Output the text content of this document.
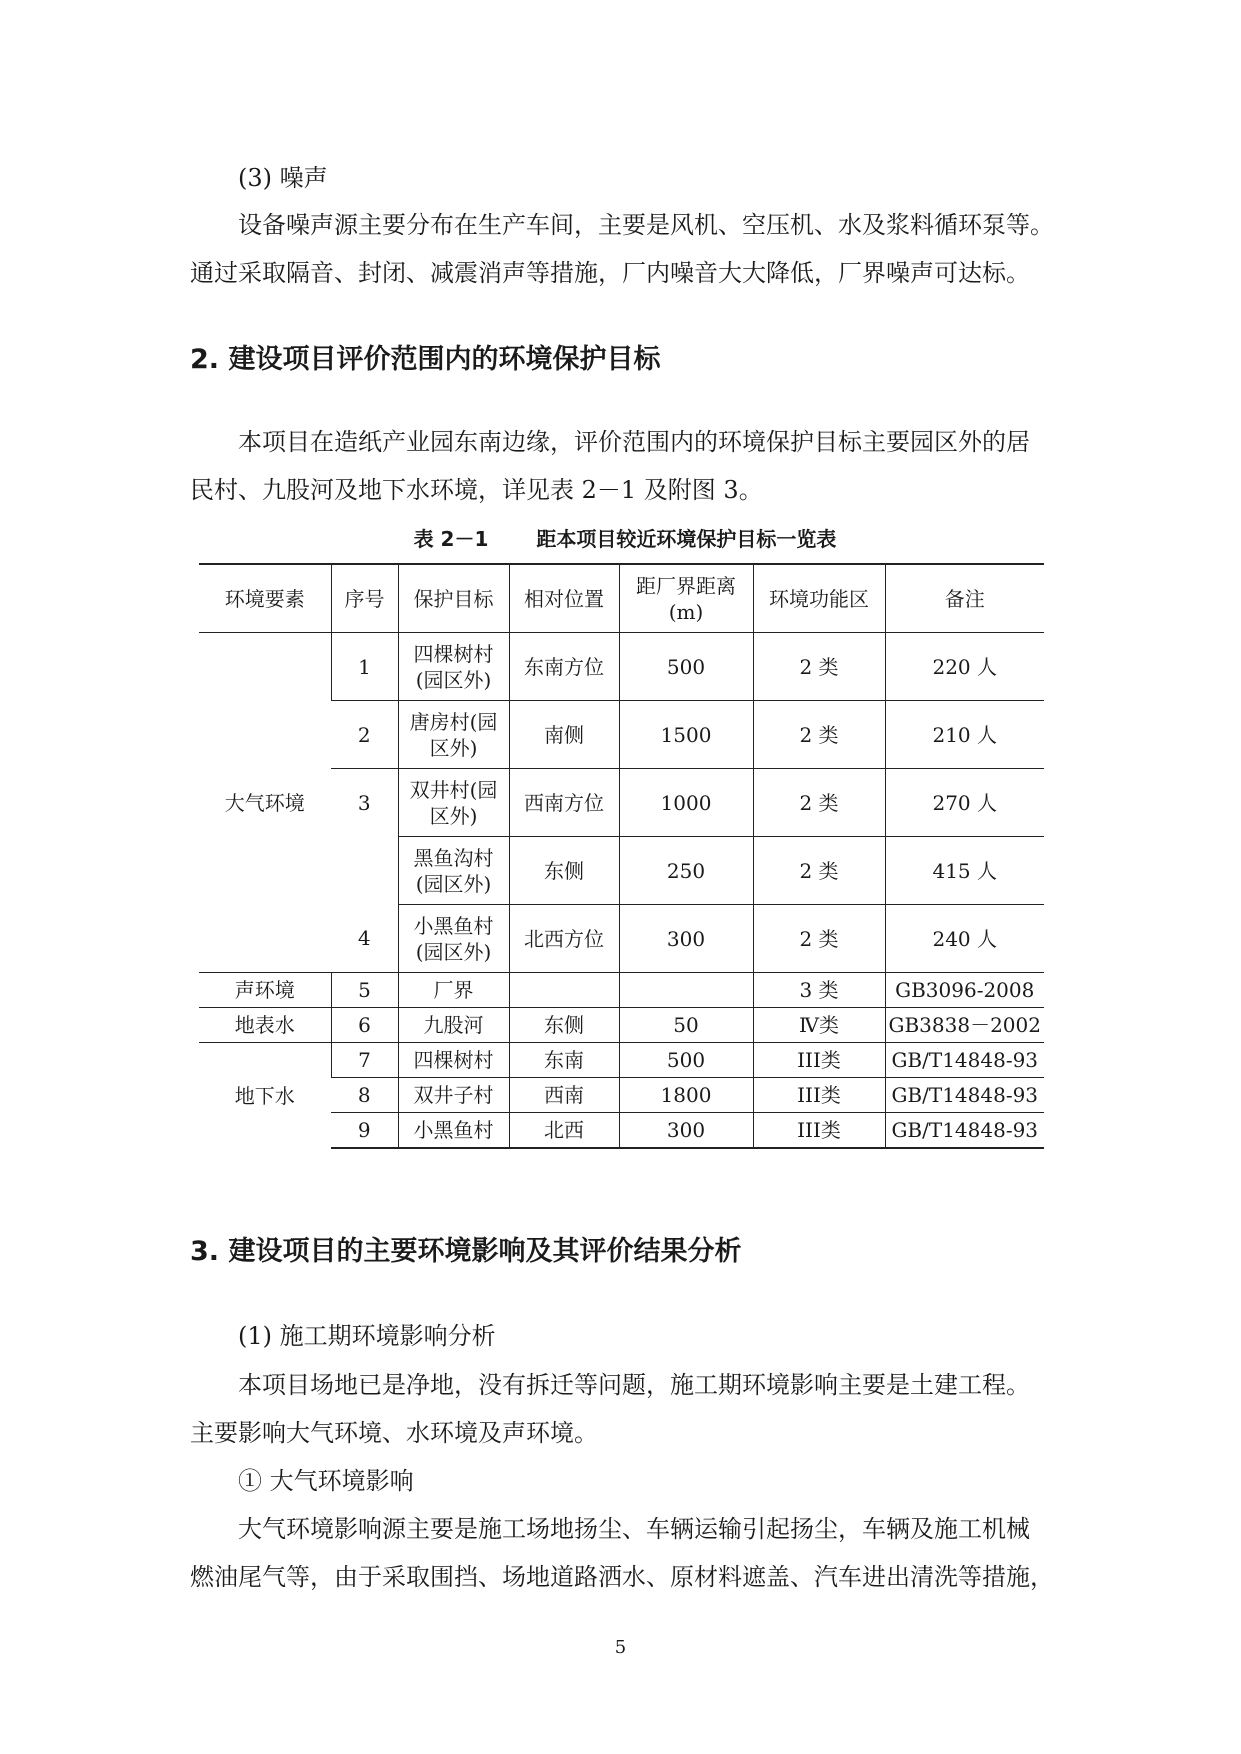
(3) 噪声
设备噪声源主要分布在生产车间，主要是风机、空压机、水及浆料循环泵等。
通过采取隔音、封闭、减震消声等措施，厂内噪音大大降低，厂界噪声可达标。
2. 建设项目评价范围内的环境保护目标
本项目在造纸产业园东南边缘，评价范围内的环境保护目标主要园区外的居
民村、九股河及地下水环境，详见表 2－1 及附图 3。
表 2－1 距本项目较近环境保护目标一览表
环境要素	序号	保护目标	相对位置	距厂界距离(m)	环境功能区	备注
大气环境	1	四棵树村(园区外)	东南方位	500	2 类	220 人
	2	唐房村(园区外)	南侧	1500	2 类	210 人
	3	双井村(园区外)	西南方位	1000	2 类	270 人
		黑鱼沟村(园区外)	东侧	250	2 类	415 人
	4	小黑鱼村(园区外)	北西方位	300	2 类	240 人
声环境	5	厂界			3 类	GB3096-2008
地表水	6	九股河	东侧	50	Ⅳ类	GB3838－2002
地下水	7	四棵树村	东南	500	III类	GB/T14848-93
	8	双井子村	西南	1800	III类	GB/T14848-93
	9	小黑鱼村	北西	300	III类	GB/T14848-93
3. 建设项目的主要环境影响及其评价结果分析
(1) 施工期环境影响分析
本项目场地已是净地，没有拆迁等问题，施工期环境影响主要是土建工程。
主要影响大气环境、水环境及声环境。
① 大气环境影响
大气环境影响源主要是施工场地扬尘、车辆运输引起扬尘，车辆及施工机械
燃油尾气等，由于采取围挡、场地道路洒水、原材料遮盖、汽车进出清洗等措施，
5
